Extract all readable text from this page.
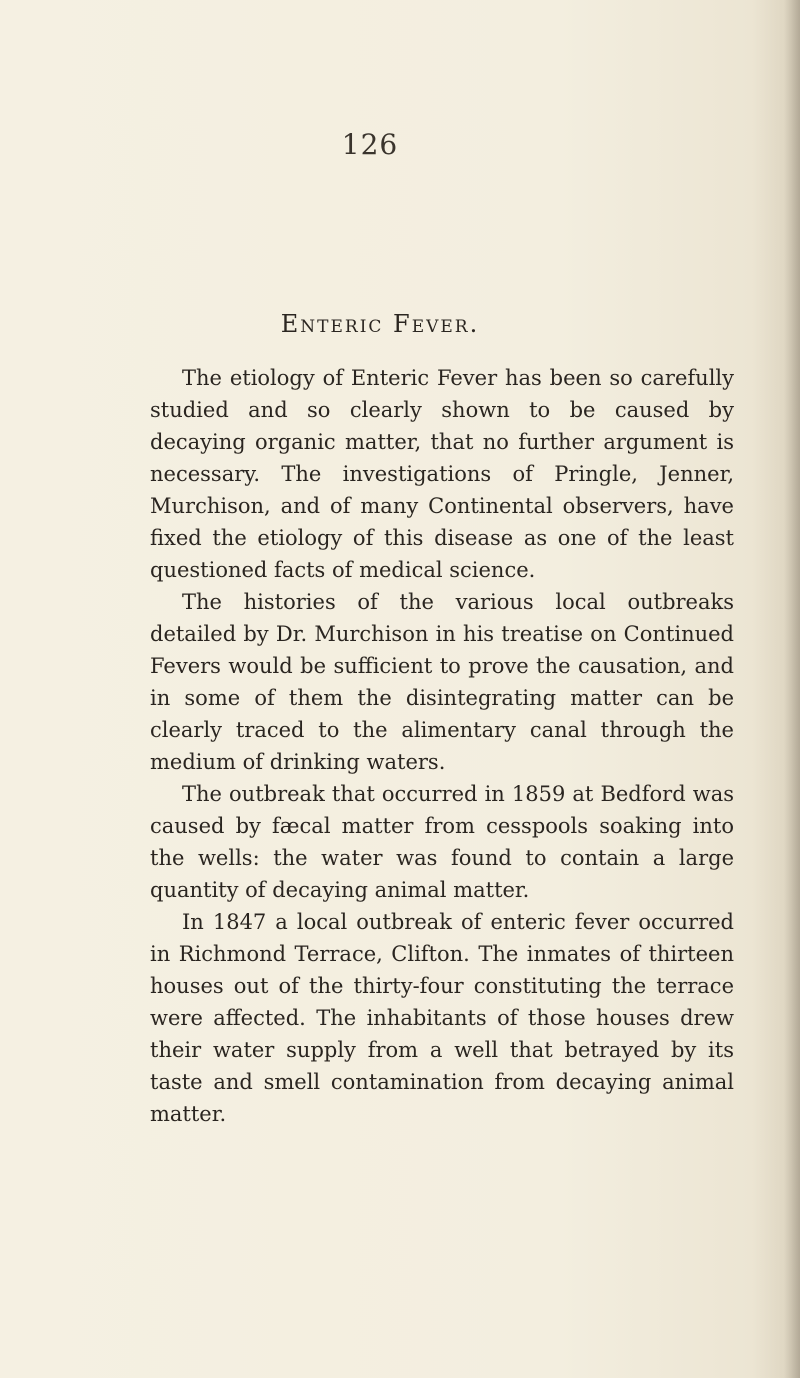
126
Enteric Fever.

The etiology of Enteric Fever has been so carefully studied and so clearly shown to be caused by decaying organic matter, that no further argument is necessary. The investigations of Pringle, Jenner, Murchison, and of many Continental observers, have fixed the etiology of this disease as one of the least questioned facts of medical science.

The histories of the various local outbreaks detailed by Dr. Murchison in his treatise on Continued Fevers would be sufficient to prove the causation, and in some of them the disintegrating matter can be clearly traced to the alimentary canal through the medium of drinking waters.

The outbreak that occurred in 1859 at Bedford was caused by fæcal matter from cesspools soaking into the wells: the water was found to contain a large quantity of decaying animal matter.

In 1847 a local outbreak of enteric fever occurred in Richmond Terrace, Clifton. The inmates of thirteen houses out of the thirty-four constituting the terrace were affected. The inhabitants of those houses drew their water supply from a well that betrayed by its taste and smell contamination from decaying animal matter.
